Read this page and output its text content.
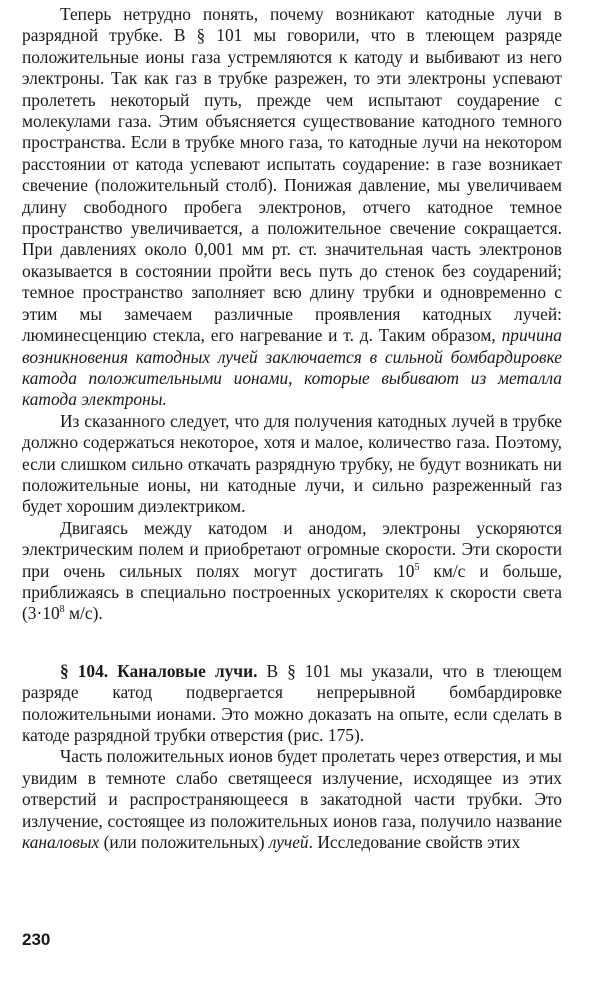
Теперь нетрудно понять, почему возникают катодные лучи в разрядной трубке. В § 101 мы говорили, что в тлеющем разряде положительные ионы газа устремляются к катоду и выбивают из него электроны. Так как газ в трубке разрежен, то эти электроны успевают пролететь некоторый путь, прежде чем испытают соударение с молекулами газа. Этим объясняется существование катодного темного пространства. Если в трубке много газа, то катодные лучи на некотором расстоянии от катода успевают испытать соударение: в газе возникает свечение (положительный столб). Понижая давление, мы увеличиваем длину свободного пробега электронов, отчего катодное темное пространство увеличивается, а положительное свечение сокращается. При давлениях около 0,001 мм рт. ст. значительная часть электронов оказывается в состоянии пройти весь путь до стенок без соударений; темное пространство заполняет всю длину трубки и одновременно с этим мы замечаем различные проявления катодных лучей: люминесценцию стекла, его нагревание и т. д. Таким образом, причина возникновения катодных лучей заключается в сильной бомбардировке катода положительными ионами, которые выбивают из металла катода электроны.

Из сказанного следует, что для получения катодных лучей в трубке должно содержаться некоторое, хотя и малое, количество газа. Поэтому, если слишком сильно откачать разрядную трубку, не будут возникать ни положительные ионы, ни катодные лучи, и сильно разреженный газ будет хорошим диэлектриком.

Двигаясь между катодом и анодом, электроны ускоряются электрическим полем и приобретают огромные скорости. Эти скорости при очень сильных полях могут достигать $10^5$ км/с и больше, приближаясь в специально построенных ускорителях к скорости света ($3\cdot 10^8$ м/с).

§ 104. Каналовые лучи. В § 101 мы указали, что в тлеющем разряде катод подвергается непрерывной бомбардировке положительными ионами. Это можно доказать на опыте, если сделать в катоде разрядной трубки отверстия (рис. 175).

Часть положительных ионов будет пролетать через отверстия, и мы увидим в темноте слабо светящееся излучение, исходящее из этих отверстий и распространяющееся в закатодной части трубки. Это излучение, состоящее из положительных ионов газа, получило название каналовых (или положительных) лучей. Исследование свойств этих

230
